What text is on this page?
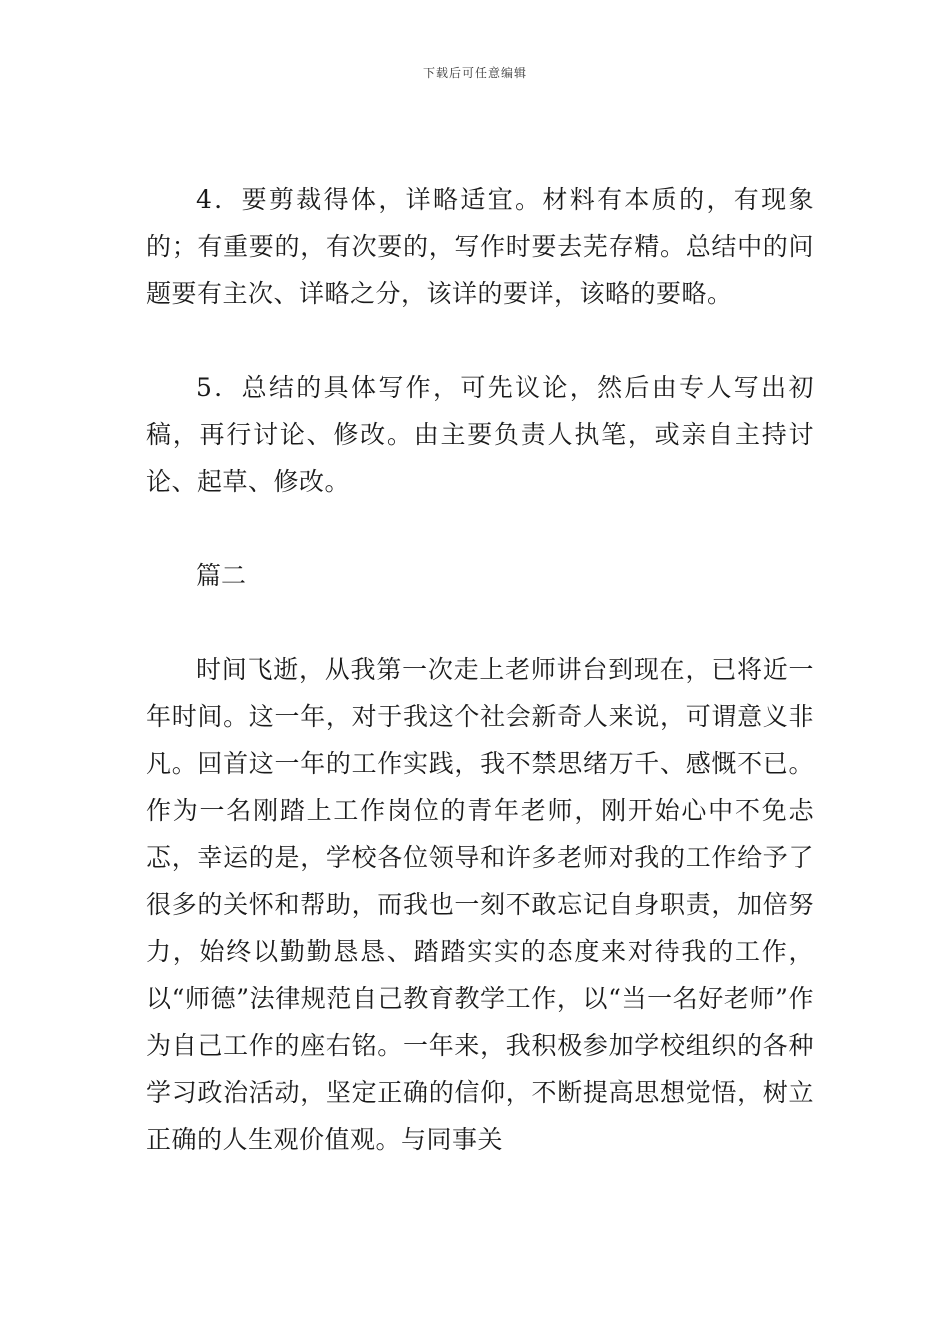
下载后可任意编辑

4．要剪裁得体，详略适宜。材料有本质的，有现象的；有重要的，有次要的，写作时要去芜存精。总结中的问题要有主次、详略之分，该详的要详，该略的要略。

5．总结的具体写作，可先议论，然后由专人写出初稿，再行讨论、修改。由主要负责人执笔，或亲自主持讨论、起草、修改。

篇二

时间飞逝，从我第一次走上老师讲台到现在，已将近一年时间。这一年，对于我这个社会新奇人来说，可谓意义非凡。回首这一年的工作实践，我不禁思绪万千、感慨不已。作为一名刚踏上工作岗位的青年老师，刚开始心中不免忐忑，幸运的是，学校各位领导和许多老师对我的工作给予了很多的关怀和帮助，而我也一刻不敢忘记自身职责，加倍努力，始终以勤勤恳恳、踏踏实实的态度来对待我的工作，以“师德”法律规范自己教育教学工作，以“当一名好老师”作为自己工作的座右铭。一年来，我积极参加学校组织的各种学习政治活动，坚定正确的信仰，不断提高思想觉悟，树立正确的人生观价值观。与同事关
